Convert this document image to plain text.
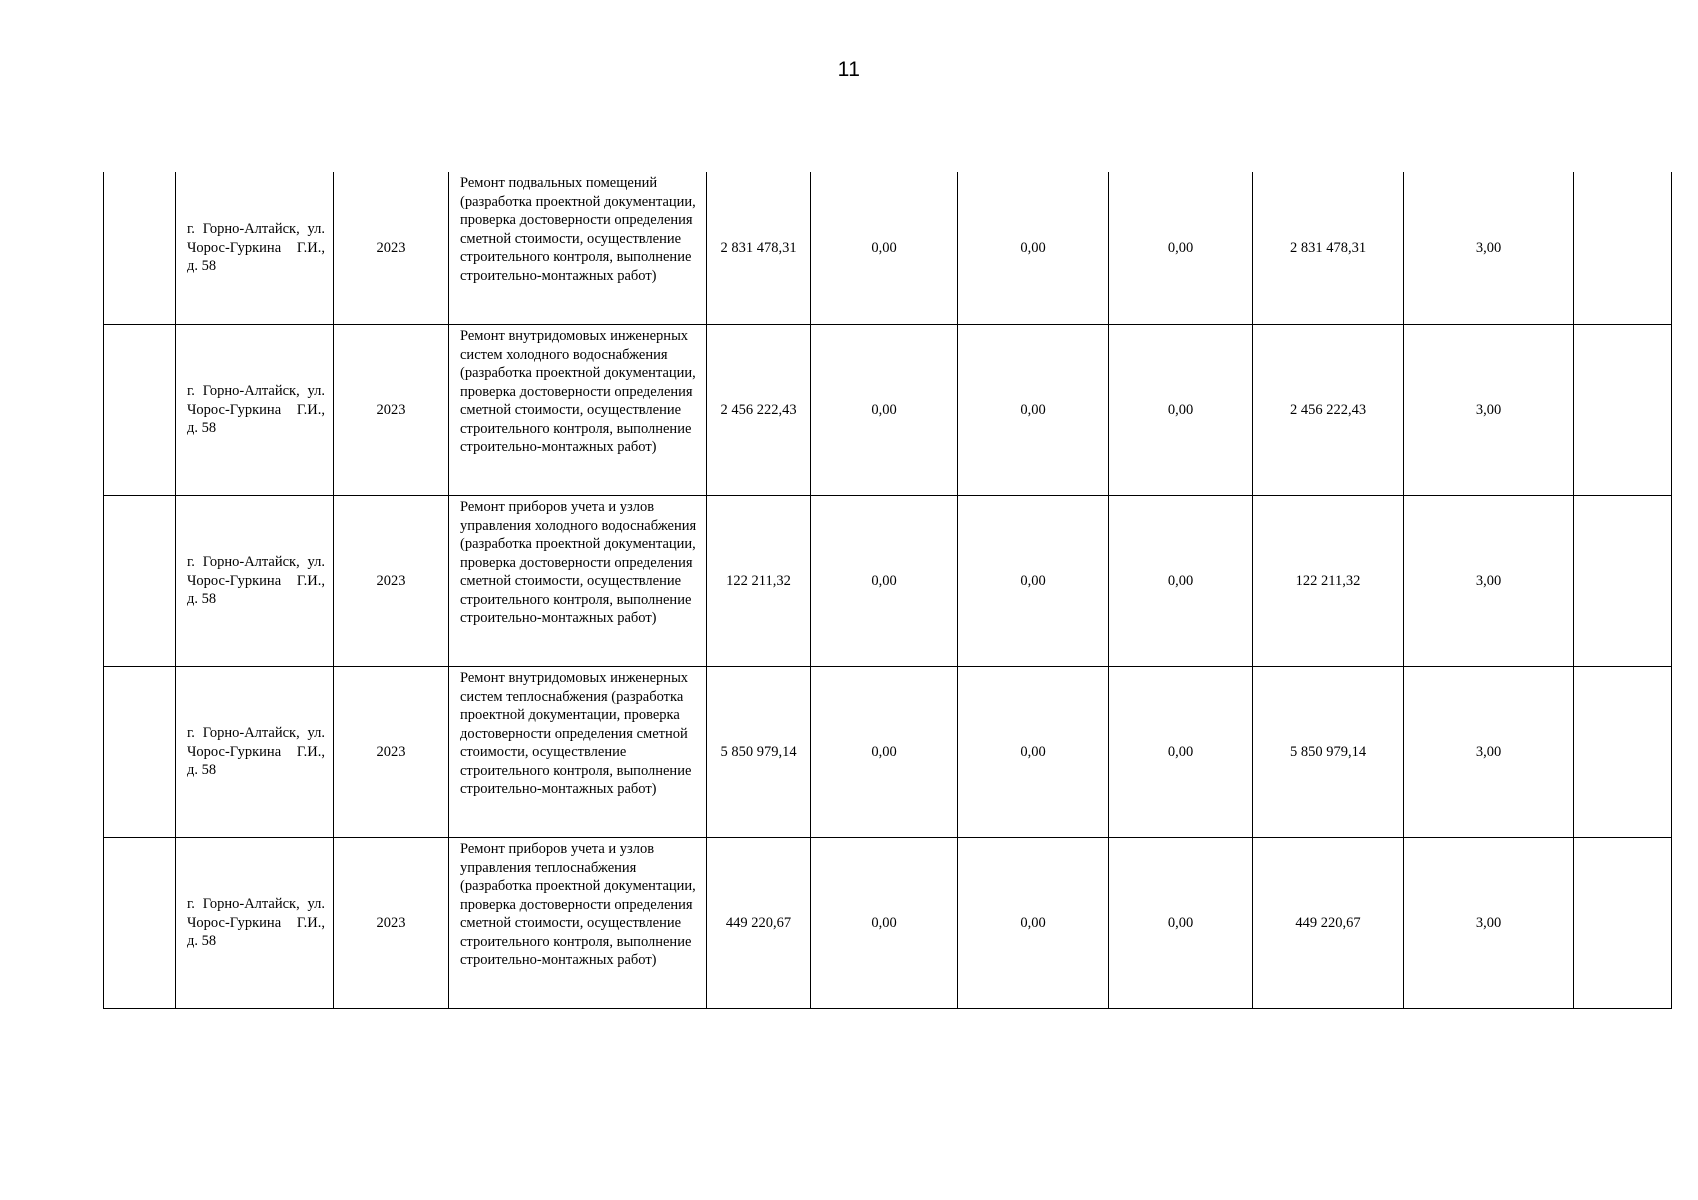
11
	г. Горно-Алтайск, ул. Чорос-Гуркина Г.И., д. 58	2023	Ремонт подвальных помещений (разработка проектной документации, проверка достоверности определения сметной стоимости, осуществление строительного контроля, выполнение строительно-монтажных работ)	2 831 478,31	0,00	0,00	0,00	2 831 478,31	3,00	
	г. Горно-Алтайск, ул. Чорос-Гуркина Г.И., д. 58	2023	Ремонт внутридомовых инженерных систем холодного водоснабжения (разработка проектной документации, проверка достоверности определения сметной стоимости, осуществление строительного контроля, выполнение строительно-монтажных работ)	2 456 222,43	0,00	0,00	0,00	2 456 222,43	3,00	
	г. Горно-Алтайск, ул. Чорос-Гуркина Г.И., д. 58	2023	Ремонт приборов учета и узлов управления холодного водоснабжения (разработка проектной документации, проверка достоверности определения сметной стоимости, осуществление строительного контроля, выполнение строительно-монтажных работ)	122 211,32	0,00	0,00	0,00	122 211,32	3,00	
	г. Горно-Алтайск, ул. Чорос-Гуркина Г.И., д. 58	2023	Ремонт внутридомовых инженерных систем теплоснабжения (разработка проектной документации, проверка достоверности определения сметной стоимости, осуществление строительного контроля, выполнение строительно-монтажных работ)	5 850 979,14	0,00	0,00	0,00	5 850 979,14	3,00	
	г. Горно-Алтайск, ул. Чорос-Гуркина Г.И., д. 58	2023	Ремонт приборов учета и узлов управления теплоснабжения (разработка проектной документации, проверка достоверности определения сметной стоимости, осуществление строительного контроля, выполнение строительно-монтажных работ)	449 220,67	0,00	0,00	0,00	449 220,67	3,00	
